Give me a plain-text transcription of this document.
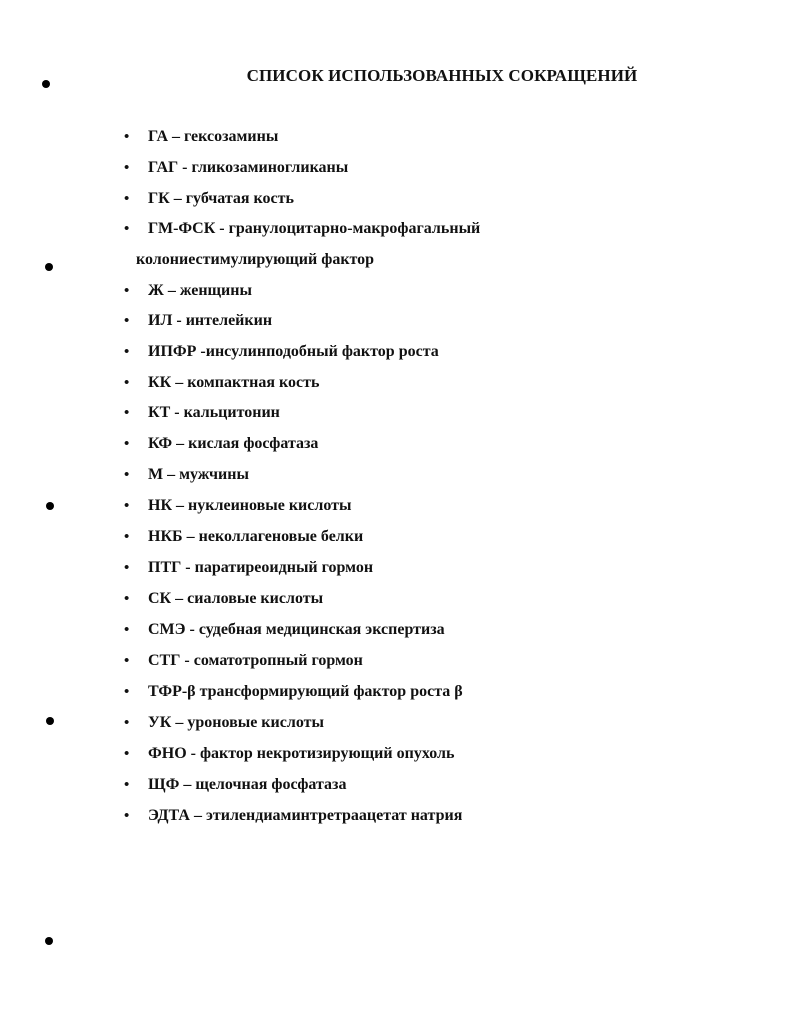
СПИСОК ИСПОЛЬЗОВАННЫХ СОКРАЩЕНИЙ
• ГА – гексозамины
• ГАГ - гликозаминогликаны
• ГК – губчатая кость
• ГМ-ФСК - гранулоцитарно-макрофагальный
колониестимулирующий фактор
• Ж – женщины
• ИЛ - интелейкин
• ИПФР -инсулинподобный фактор роста
• КК – компактная кость
• КТ - кальцитонин
• КФ – кислая фосфатаза
• М – мужчины
• НК – нуклеиновые кислоты
• НКБ – неколлагеновые белки
• ПТГ - паратиреоидный гормон
• СК – сиаловые кислоты
• СМЭ - судебная медицинская экспертиза
• СТГ - соматотропный гормон
• ТФР-β трансформирующий фактор роста β
• УК – уроновые кислоты
• ФНО - фактор некротизирующий опухоль
• ЩФ – щелочная фосфатаза
• ЭДТА – этилендиаминтретраацетат натрия
